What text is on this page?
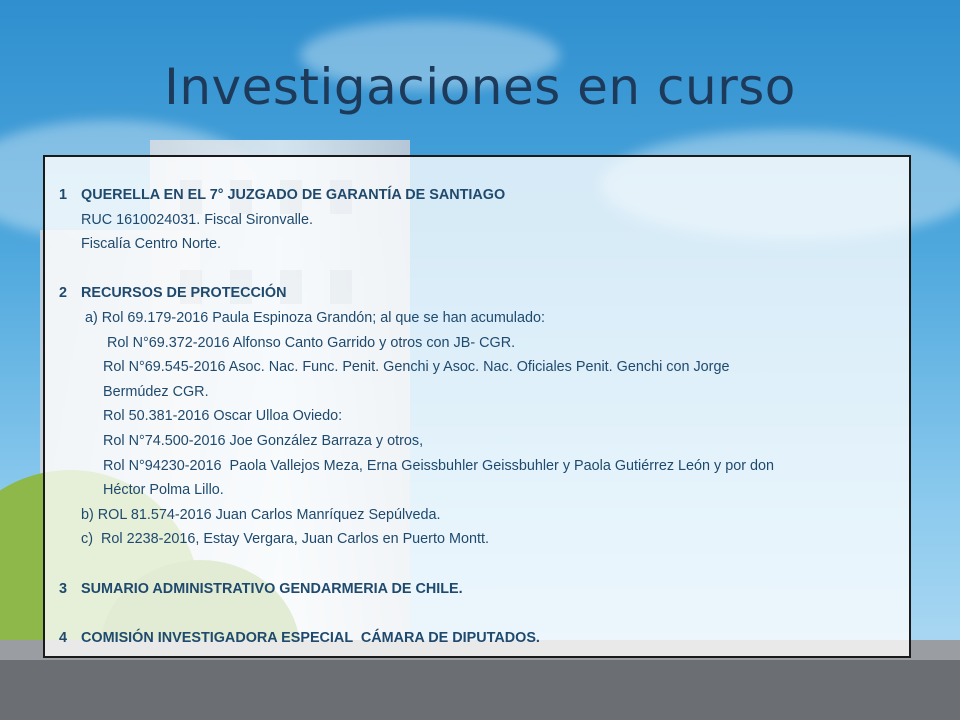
Investigaciones en curso
1 QUERELLA EN EL 7° JUZGADO DE GARANTÍA DE SANTIAGO
RUC 1610024031. Fiscal Sironvalle.
Fiscalía Centro Norte.
2 RECURSOS DE PROTECCIÓN
a) Rol 69.179-2016 Paula Espinoza Grandón; al que se han acumulado:
Rol N°69.372-2016 Alfonso Canto Garrido y otros con JB- CGR.
Rol N°69.545-2016 Asoc. Nac. Func. Penit. Genchi y Asoc. Nac. Oficiales Penit. Genchi con Jorge
Bermúdez CGR.
Rol 50.381-2016 Oscar Ulloa Oviedo:
Rol N°74.500-2016 Joe González Barraza y otros,
Rol N°94230-2016  Paola Vallejos Meza, Erna Geissbuhler Geissbuhler y Paola Gutiérrez León y por don
Héctor Polma Lillo.
b) ROL 81.574-2016 Juan Carlos Manríquez Sepúlveda.
c)  Rol 2238-2016, Estay Vergara, Juan Carlos en Puerto Montt.
3 SUMARIO ADMINISTRATIVO GENDARMERIA DE CHILE.
4 COMISIÓN INVESTIGADORA ESPECIAL  CÁMARA DE DIPUTADOS.
